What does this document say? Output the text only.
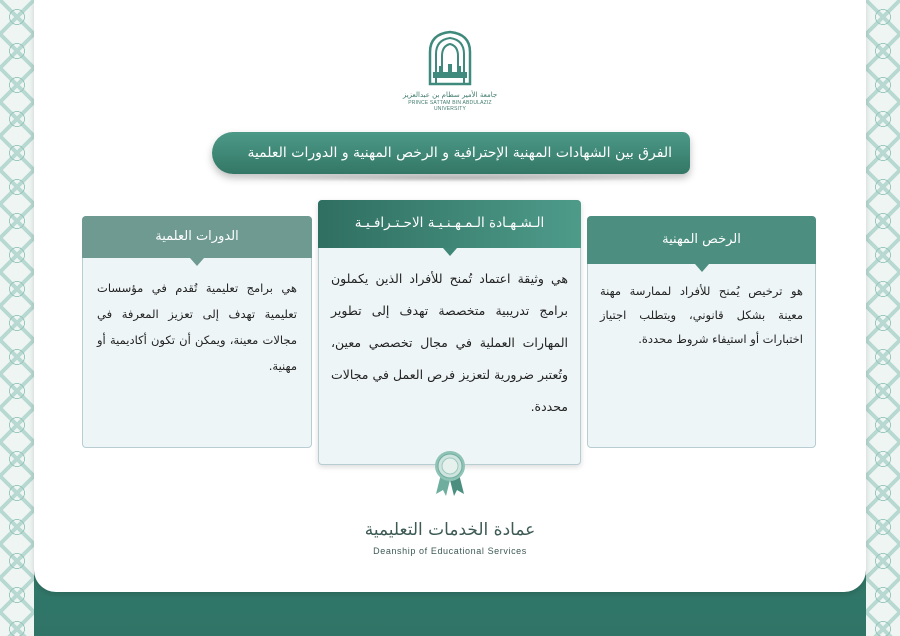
جامعة الأمير سطام بن عبدالعزيز
PRINCE SATTAM BIN ABDULAZIZ UNIVERSITY
الفرق بين الشهادات المهنية الإحترافية و الرخص المهنية و الدورات العلمية
الدورات العلمية
هي برامج تعليمية تُقدم في مؤسسات تعليمية تهدف إلى تعزيز المعرفة في مجالات معينة، ويمكن أن تكون أكاديمية أو مهنية.
الـشـهـادة الـمـهـنـيـة الاحـتـرافـيـة
هي وثيقة اعتماد تُمنح للأفراد الذين يكملون برامج تدريبية متخصصة تهدف إلى تطوير المهارات العملية في مجال تخصصي معين، وتُعتبر ضرورية لتعزيز فرص العمل في مجالات محددة.
الرخص المهنية
هو ترخيص يُمنح للأفراد لممارسة مهنة معينة بشكل قانوني، ويتطلب اجتياز اختبارات أو استيفاء شروط محددة.
عمادة الخدمات التعليمية
Deanship of Educational Services
